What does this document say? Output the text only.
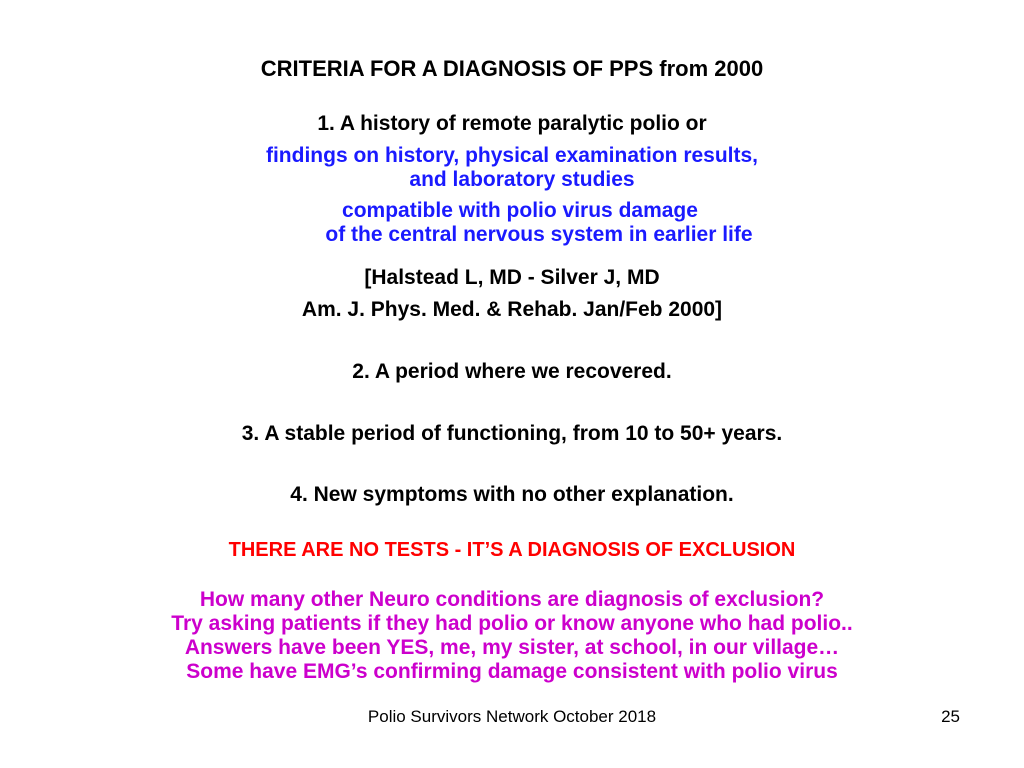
CRITERIA FOR A DIAGNOSIS OF PPS from 2000
1. A history of remote paralytic polio or
findings on history, physical examination results,
and laboratory studies
compatible with polio virus damage
of the central nervous system in earlier life
[Halstead L, MD - Silver J, MD
Am. J. Phys. Med. & Rehab. Jan/Feb 2000]
2. A period where we recovered.
3. A stable period of functioning, from 10 to 50+ years.
4. New symptoms with no other explanation.
THERE ARE NO TESTS - IT’S A DIAGNOSIS OF EXCLUSION
How many other Neuro conditions are diagnosis of exclusion?
Try asking patients if they had polio or know anyone who had polio..
Answers have been YES, me, my sister, at school, in our village…
Some have EMG’s confirming damage consistent with polio virus
Polio Survivors Network October 2018	25
